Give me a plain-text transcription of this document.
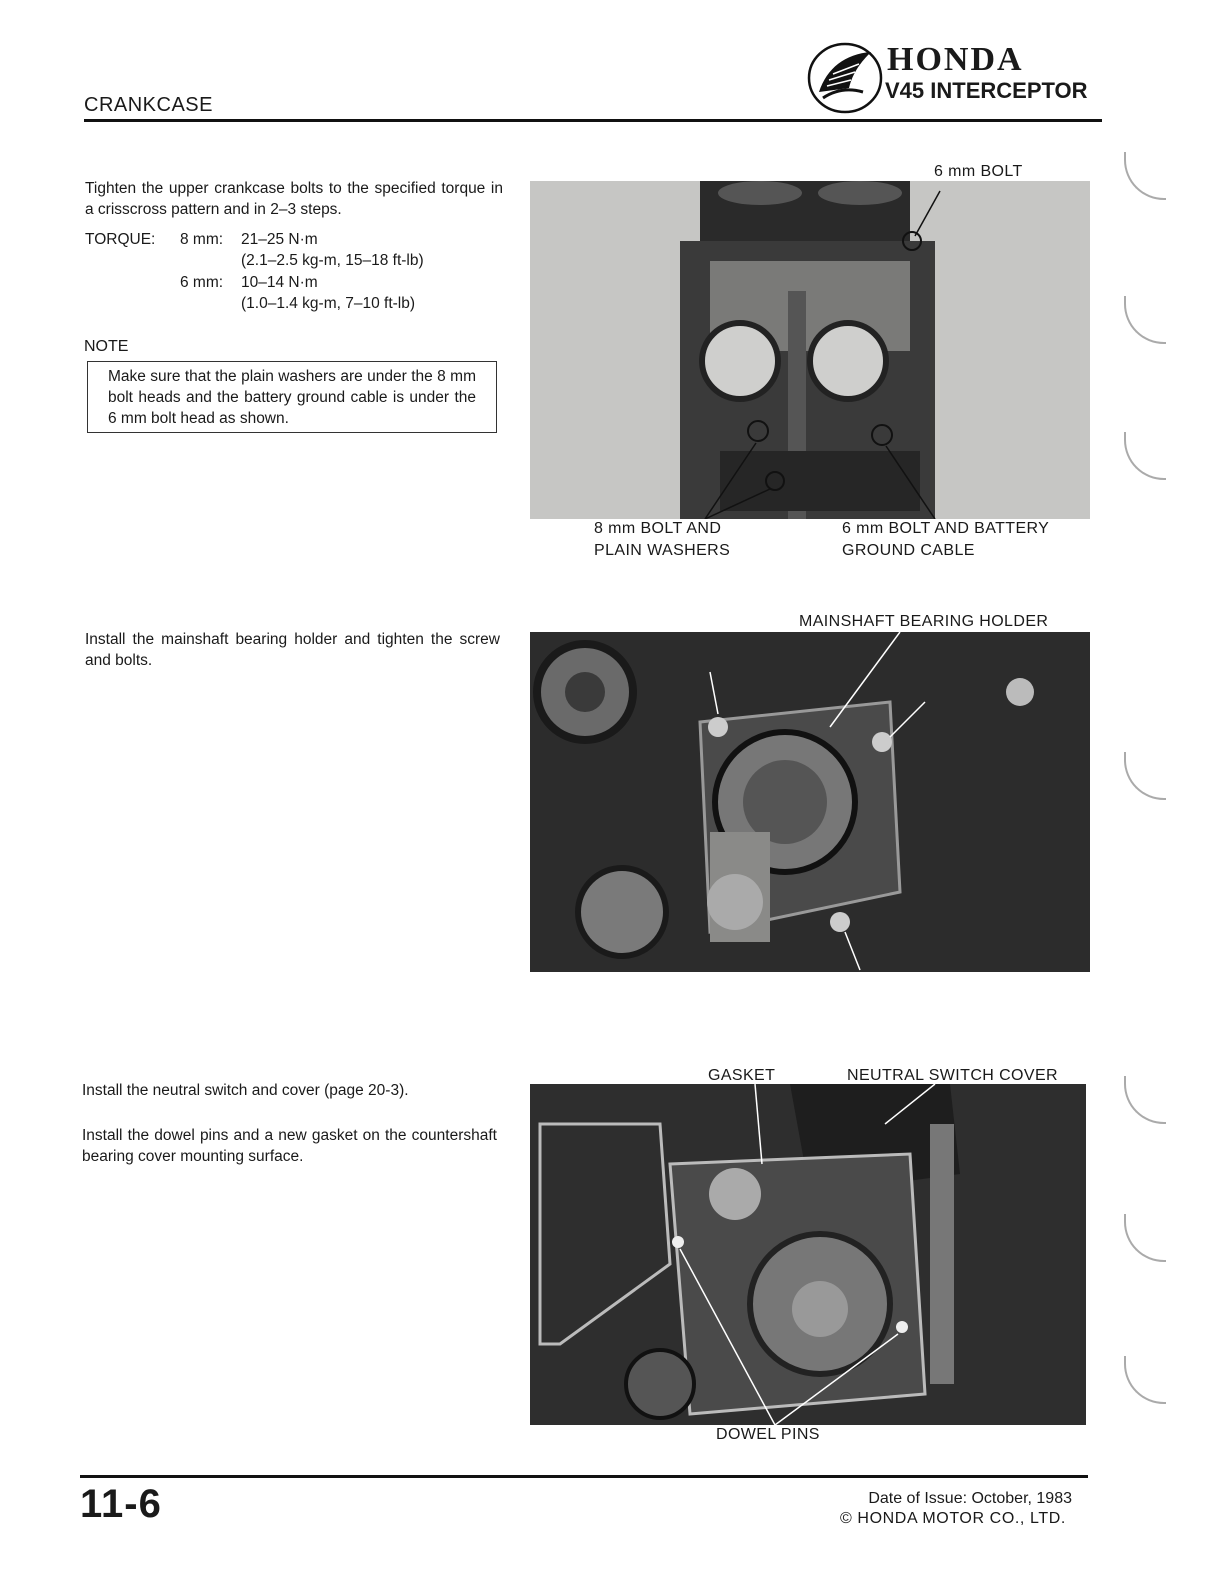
CRANKCASE
HONDA
V45 INTERCEPTOR
Tighten the upper crankcase bolts to the specified torque in a crisscross pattern and in 2–3 steps.
TORQUE: 8 mm: 21–25 N·m
(2.1–2.5 kg-m, 15–18 ft-lb)
6 mm: 10–14 N·m
(1.0–1.4 kg-m, 7–10 ft-lb)
NOTE
Make sure that the plain washers are under the 8 mm bolt heads and the battery ground cable is under the 6 mm bolt head as shown.
6 mm BOLT
8 mm BOLT AND
PLAIN WASHERS
6 mm BOLT AND BATTERY
GROUND CABLE
Install the mainshaft bearing holder and tighten the screw and bolts.
MAINSHAFT BEARING HOLDER
Install the neutral switch and cover (page 20-3).
Install the dowel pins and a new gasket on the countershaft bearing cover mounting surface.
GASKET	NEUTRAL SWITCH COVER
DOWEL PINS
11-6	Date of Issue: October, 1983
© HONDA MOTOR CO., LTD.
